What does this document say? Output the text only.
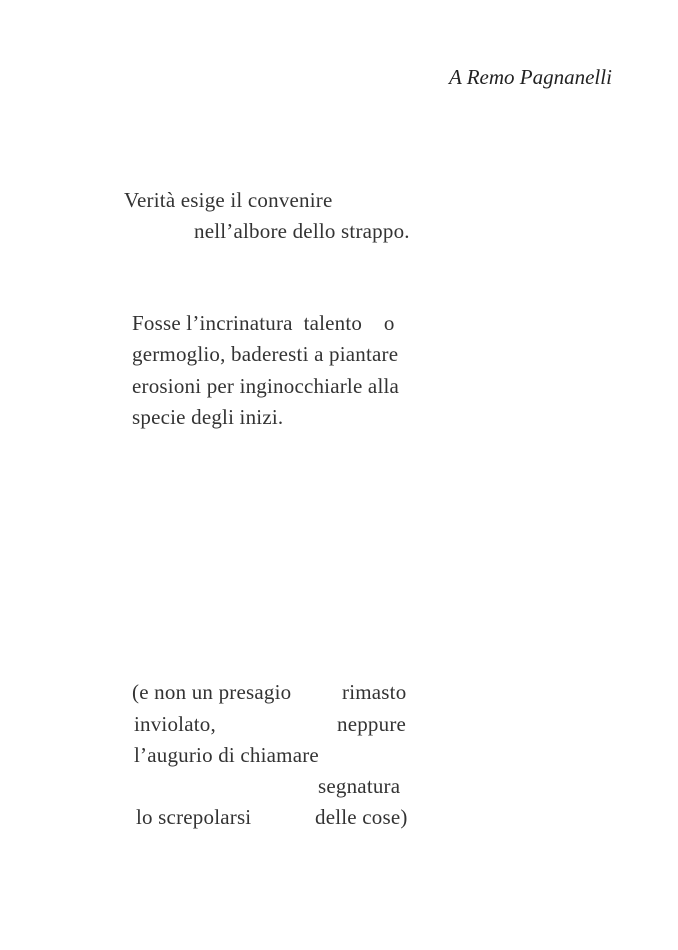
A Remo Pagnanelli
Verità esige il convenire
nell’albore dello strappo.
Fosse l’incrinatura  talento    o
germoglio, baderesti a piantare
erosioni per inginocchiarle alla
specie degli inizi.
(e non un presagio rimasto
inviolato,	neppure
l’augurio di chiamare
segnatura
lo screpolarsi	delle cose)
